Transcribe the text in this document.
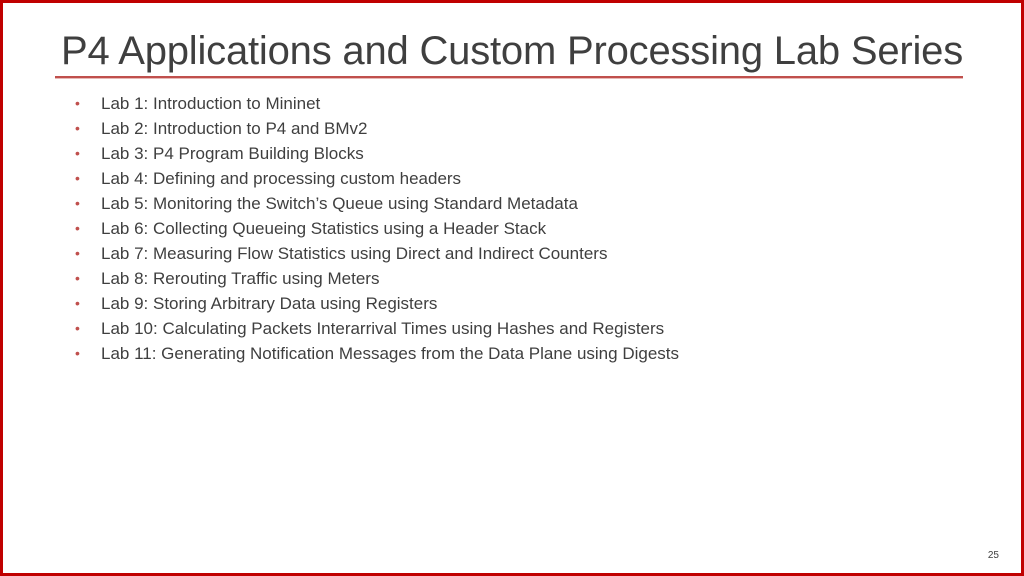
P4 Applications and Custom Processing Lab Series
•	Lab 1: Introduction to Mininet
•	Lab 2: Introduction to P4 and BMv2
•	Lab 3: P4 Program Building Blocks
•	Lab 4: Defining and processing custom headers
•	Lab 5: Monitoring the Switch’s Queue using Standard Metadata
•	Lab 6: Collecting Queueing Statistics using a Header Stack
•	Lab 7: Measuring Flow Statistics using Direct and Indirect Counters
•	Lab 8: Rerouting Traffic using Meters
•	Lab 9: Storing Arbitrary Data using Registers
•	Lab 10: Calculating Packets Interarrival Times using Hashes and Registers
•	Lab 11: Generating Notification Messages from the Data Plane using Digests
25
